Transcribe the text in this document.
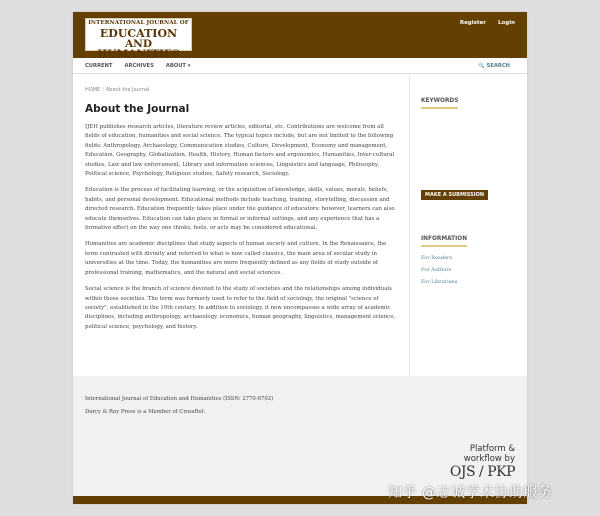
INTERNATIONAL JOURNAL OF
EDUCATION
AND HUMANITIES
Register Login
CURRENT ARCHIVES ABOUT ▾	🔍 SEARCH
HOME / About the Journal
About the Journal

IJEH publishes research articles, literature review articles, editorial, etc. Contributions are welcome from all fields of education, humanities and social science. The typical topics include, but are not limited to the following fields: Anthropology, Archaeology, Communication studies, Culture, Development, Economy and management, Education, Geography, Globalization, Health, History, Human factors and ergonomics, Humanities, Inter-cultural studies, Law and law enforcement, Library and information sciences, Linguistics and language, Philosophy, Political science, Psychology, Religious studies, Safety research, Sociology.

Education is the process of facilitating learning, or the acquisition of knowledge, skills, values, morals, beliefs, habits, and personal development. Educational methods include teaching, training, storytelling, discussion and directed research. Education frequently takes place under the guidance of educators; however, learners can also educate themselves. Education can take place in formal or informal settings, and any experience that has a formative effect on the way one thinks, feels, or acts may be considered educational.

Humanities are academic disciplines that study aspects of human society and culture. In the Renaissance, the term contrasted with divinity and referred to what is now called classics, the main area of secular study in universities at the time. Today, the humanities are more frequently defined as any fields of study outside of professional training, mathematics, and the natural and social sciences.

Social science is the branch of science devoted to the study of societies and the relationships among individuals within those societies. The term was formerly used to refer to the field of sociology, the original "science of society", established in the 19th century. In addition to sociology, it now encompasses a wide array of academic disciplines, including anthropology, archaeology, economics, human geography, linguistics, management science, political science, psychology, and history.

KEYWORDS
MAKE A SUBMISSION
INFORMATION
For Readers
For Authors
For Librarians

International Journal of Education and Humanities (ISSN: 2770-6702)

Darcy & Roy Press is a Member of CrossRef.

Platform &
workflow by
OJS / PKP
知乎 @志诚学术协助服务
